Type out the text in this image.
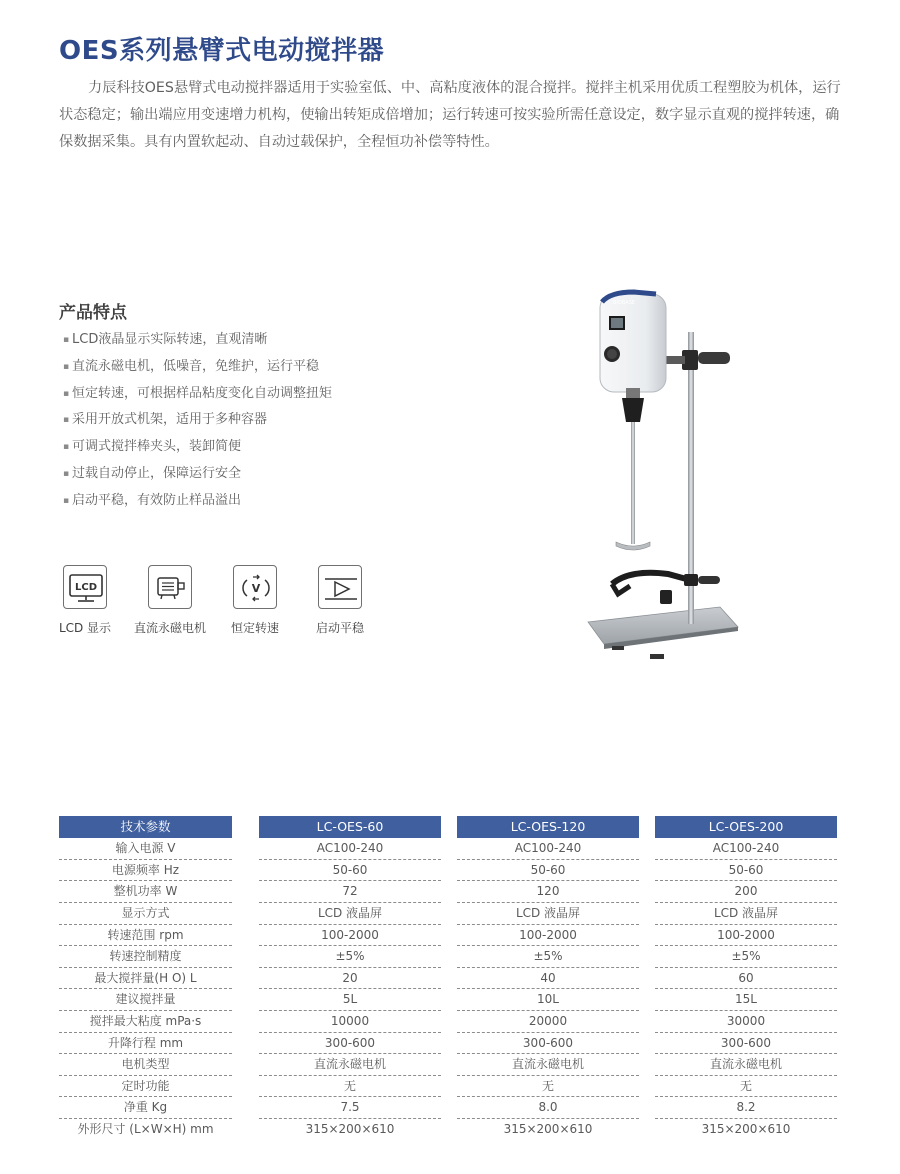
OES系列悬臂式电动搅拌器

力辰科技OES悬臂式电动搅拌器适用于实验室低、中、高粘度液体的混合搅拌。搅拌主机采用优质工程塑胶为机体，运行状态稳定；输出端应用变速增力机构，使输出转矩成倍增加；运行转速可按实验所需任意设定，数字显示直观的搅拌转速，确保数据采集。具有内置软起动、自动过载保护，全程恒功补偿等特性。

产品特点
▪ LCD液晶显示实际转速，直观清晰
▪ 直流永磁电机，低噪音，免维护，运行平稳
▪ 恒定转速，可根据样品粘度变化自动调整扭矩
▪ 采用开放式机架，适用于多种容器
▪ 可调式搅拌棒夹头，装卸简便
▪ 过载自动停止，保障运行安全
▪ 启动平稳，有效防止样品溢出
LCD
LCD 显示 直流永磁电机
V
恒定转速	启动平稳
BIOBASE
技术参数	LC-OES-60	LC-OES-120	LC-OES-200
输入电源 V	AC100-240	AC100-240	AC100-240
电源频率 Hz	50-60	50-60	50-60
整机功率 W	72	120	200
显示方式	LCD 液晶屏	LCD 液晶屏	LCD 液晶屏
转速范围 rpm	100-2000	100-2000	100-2000
转速控制精度	±5%	±5%	±5%
最大搅拌量(H O) L	20	40	60
建议搅拌量	5L	10L	15L
搅拌最大粘度 mPa·s	10000	20000	30000
升降行程 mm	300-600	300-600	300-600
电机类型	直流永磁电机	直流永磁电机	直流永磁电机
定时功能	无	无	无
净重 Kg	7.5	8.0	8.2
外形尺寸 (L×W×H) mm	315×200×610	315×200×610	315×200×610
